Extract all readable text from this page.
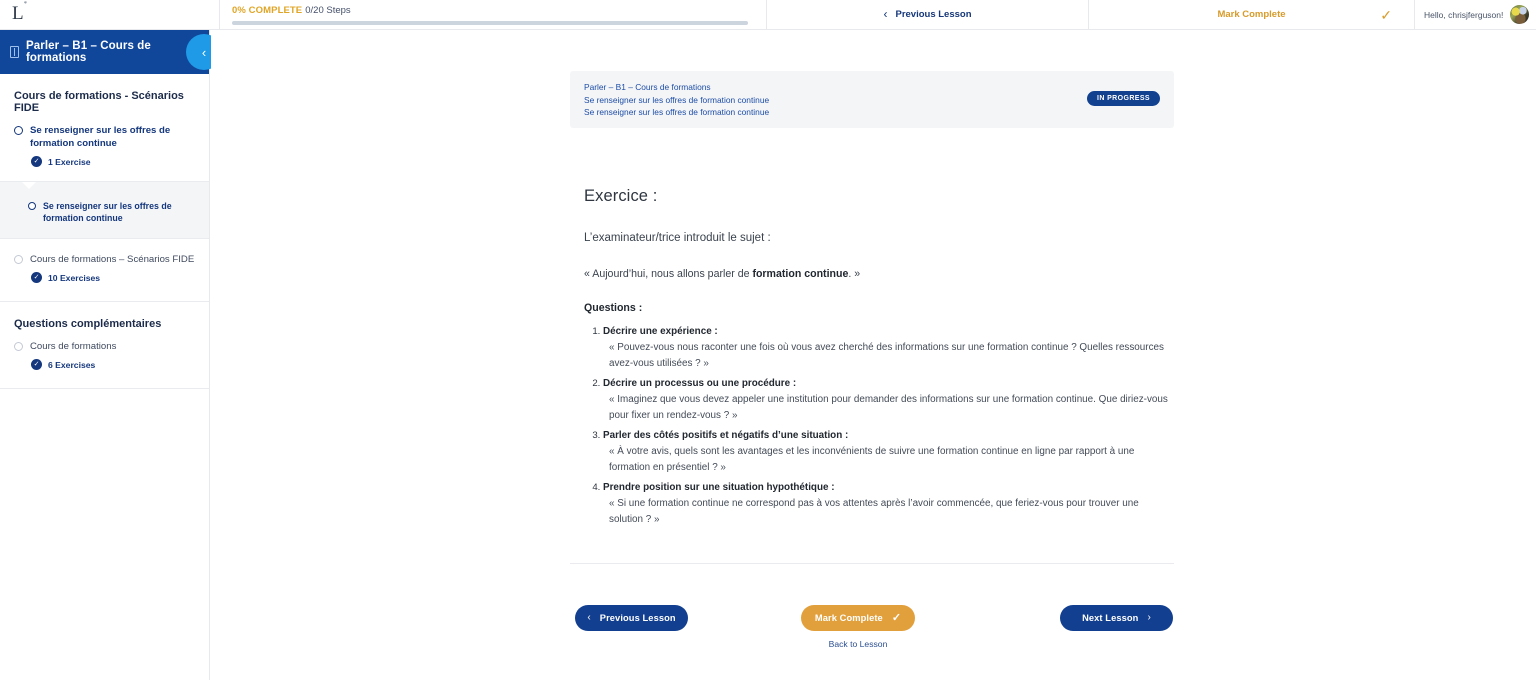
L*
0% COMPLETE 0/20 Steps	‹ Previous Lesson	Mark Complete	✓	Hello, chrisjferguson!
Parler – B1 – Cours de formations	‹
Cours de formations - Scénarios FIDE
Se renseigner sur les offres de formation continue
✓ 1 Exercise
Se renseigner sur les offres de formation continue
Cours de formations – Scénarios FIDE
✓ 10 Exercises
Questions complémentaires
Cours de formations
✓ 6 Exercises
Parler – B1 – Cours de formations
Se renseigner sur les offres de formation continue
Se renseigner sur les offres de formation continue
IN PROGRESS
Exercice :

L’examinateur/trice introduit le sujet :

« Aujourd’hui, nous allons parler de formation continue. »

Questions :

1. Décrire une expérience :
« Pouvez-vous nous raconter une fois où vous avez cherché des informations sur une formation continue ? Quelles ressources avez-vous utilisées ? »
2. Décrire un processus ou une procédure :
« Imaginez que vous devez appeler une institution pour demander des informations sur une formation continue. Que diriez-vous pour fixer un rendez-vous ? »
3. Parler des côtés positifs et négatifs d’une situation :
« À votre avis, quels sont les avantages et les inconvénients de suivre une formation continue en ligne par rapport à une formation en présentiel ? »
4. Prendre position sur une situation hypothétique :
« Si une formation continue ne correspond pas à vos attentes après l’avoir commencée, que feriez-vous pour trouver une solution ? »
‹ Previous Lesson	Mark Complete ✓	Next Lesson ›
Back to Lesson
